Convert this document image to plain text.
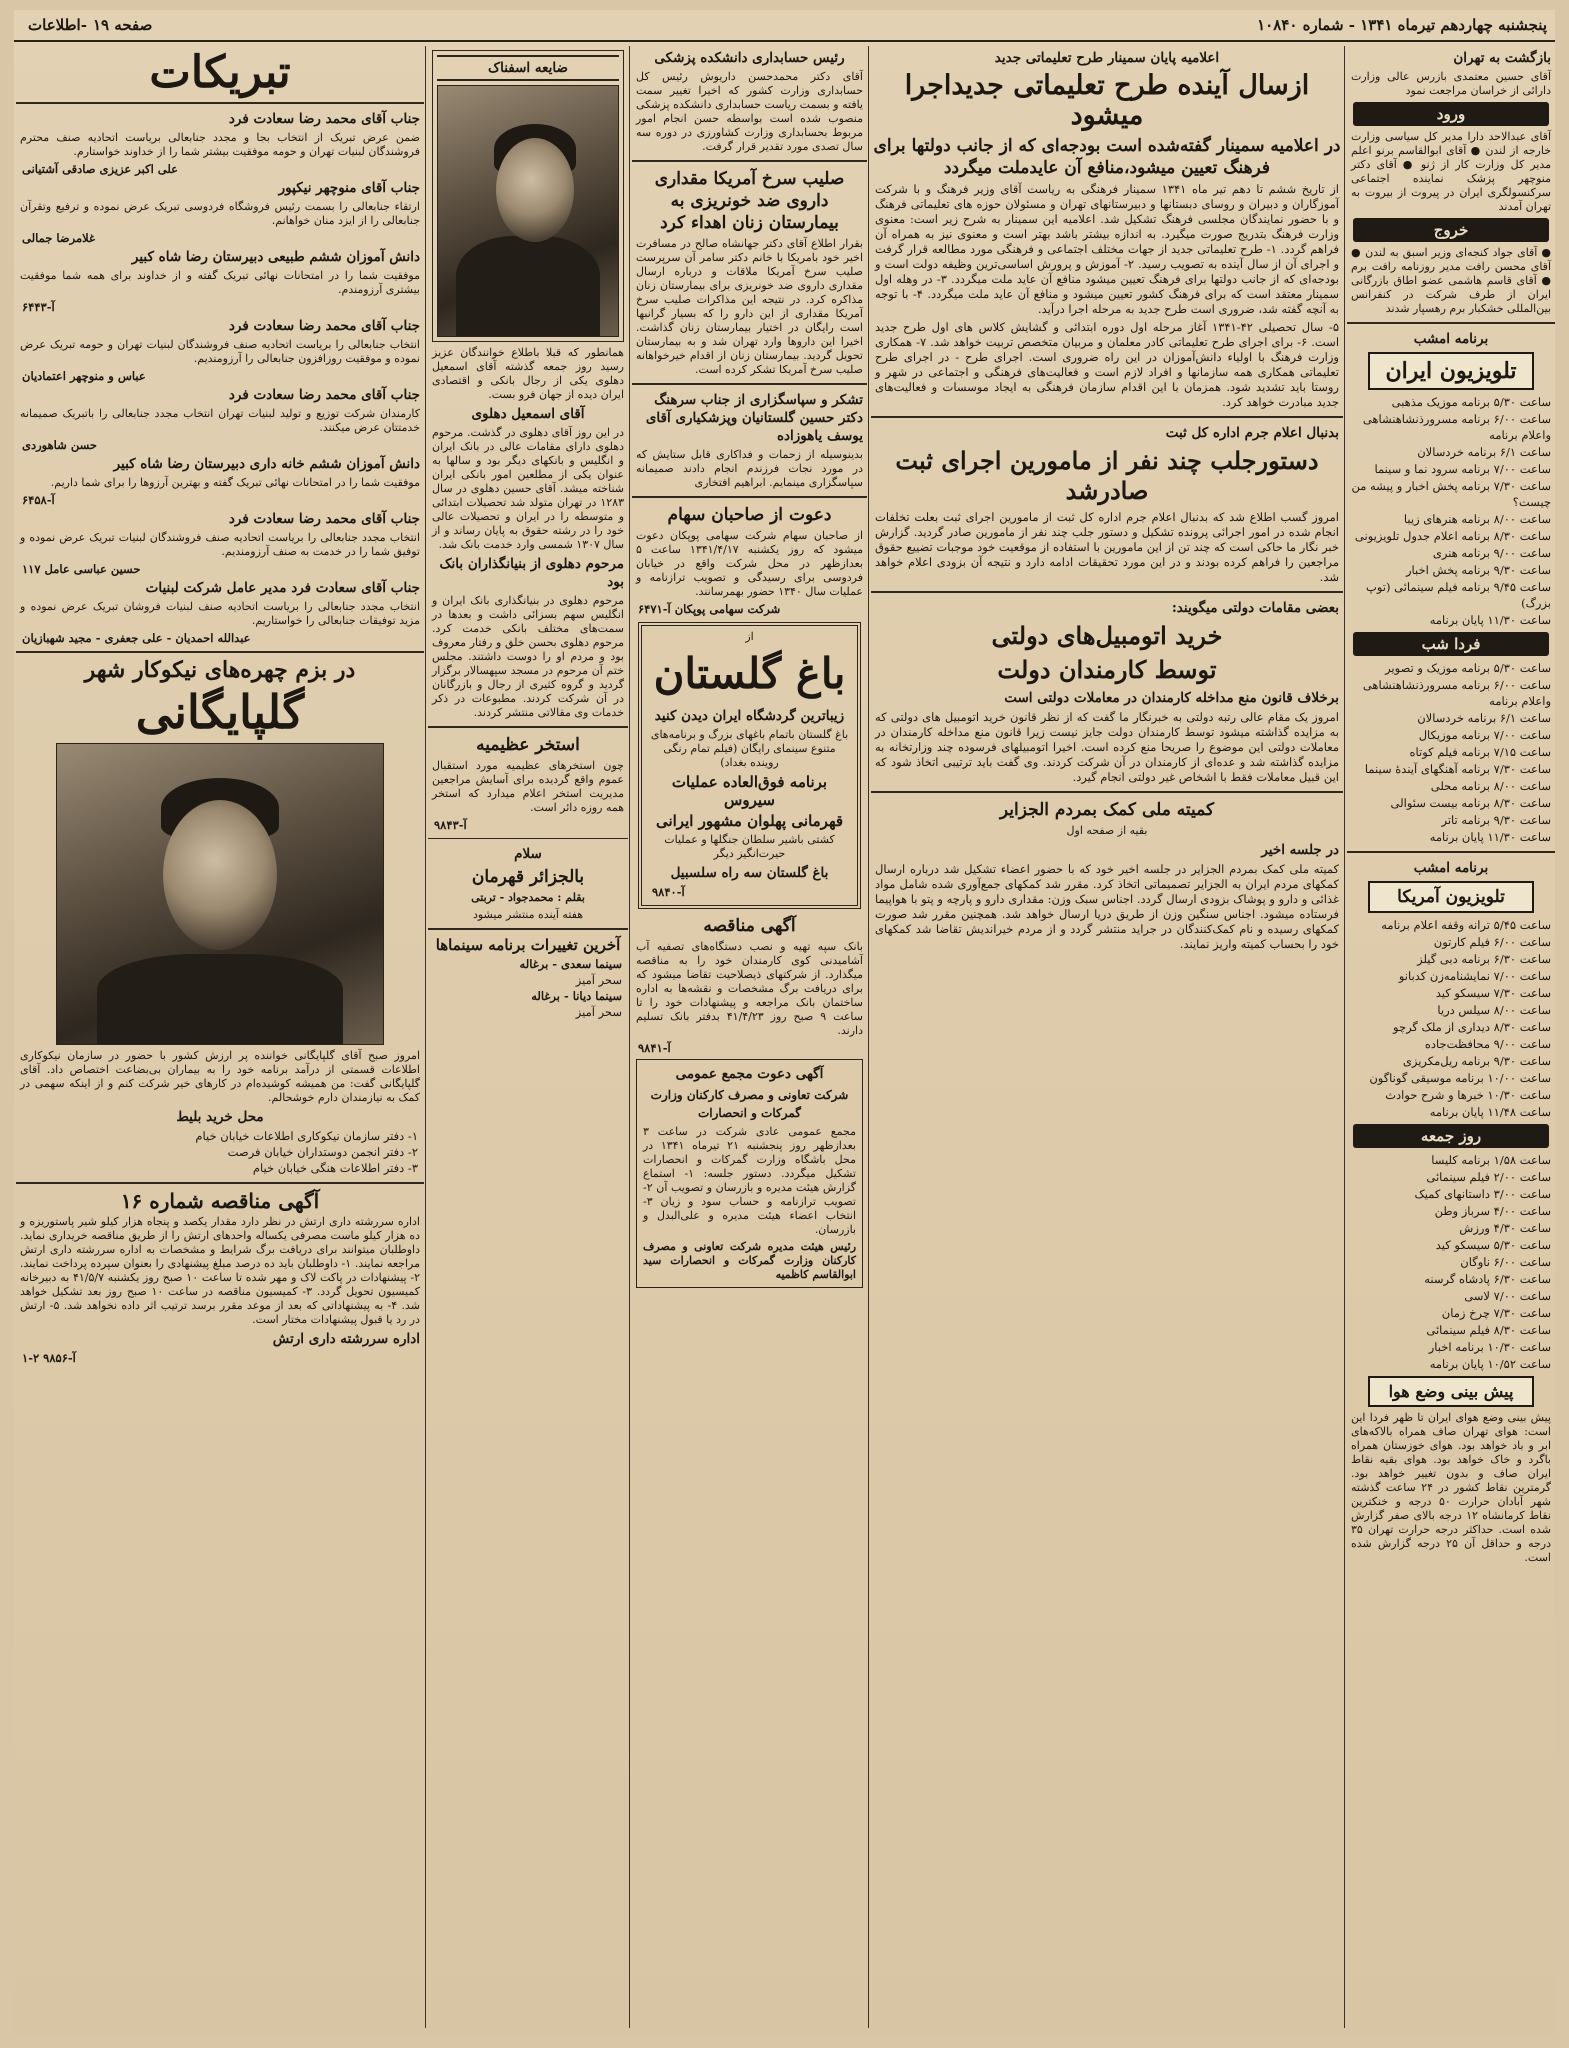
پنجشنبه چهاردهم تیرماه ۱۳۴۱ - شماره ۱۰۸۴۰
صفحه ۱۹-اطلاعات
بازگشت به تهران
آقای حسین معتمدی بازرس عالی وزارت دارائی از خراسان مراجعت نمود
ورود
آقای عبدالاحد دارا مدیر کل سیاسی وزارت خارجه از لندن ● آقای ابوالقاسم برنو اعلم مدیر کل وزارت کار از ژنو ● آقای دکتر منوچهر پزشک نماینده اجتماعی سرکنسولگری ایران در پیروت از بیروت به تهران آمدند
خروج
● آقای جواد کنجه‌ای وزیر اسبق به لندن ● آقای محسن رافت مدیر روزنامه رافت برم ● آقای قاسم هاشمی عضو اطاق بازرگانی ایران از طرف شرکت در کنفرانس بین‌المللی خشکبار برم رهسپار شدند
برنامه امشب
تلویزیون ایران
ساعت ۵/۳۰ برنامه موزیک مذهبی
ساعت ۶/۰۰ برنامه مسرورذنشاهنشاهی واعلام برنامه
ساعت ۶/۱ برنامه خردسالان
ساعت ۷/۰۰ برنامه سرود نما و سینما
ساعت ۷/۳۰ برنامه پخش اخبار و پیشه من چیست؟
ساعت ۸/۰۰ برنامه هنرهای زیبا
ساعت ۸/۳۰ برنامه اعلام جدول تلویزیونی
ساعت ۹/۰۰ برنامه هنری
ساعت ۹/۳۰ برنامه پخش اخبار
ساعت ۹/۴۵ برنامه فیلم سینمائی (توپ بزرگ)
ساعت ۱۱/۳۰ پایان برنامه
فردا شب
ساعت ۵/۳۰ برنامه موزیک و تصویر
ساعت ۶/۰۰ برنامه مسرورذنشاهنشاهی واعلام برنامه
ساعت ۶/۱ برنامه خردسالان
ساعت ۷/۰۰ برنامه موزیکال
ساعت ۷/۱۵ برنامه فیلم کوتاه
ساعت ۷/۳۰ برنامه آهنگهای آیندهٔ سینما
ساعت ۸/۰۰ برنامه محلی
ساعت ۸/۳۰ برنامه بیست سئوالی
ساعت ۹/۳۰ برنامه تاتر
ساعت ۱۱/۳۰ پایان برنامه
برنامه امشب
تلویزیون آمریکا
ساعت ۵/۴۵ ترانه وقفه اعلام برنامه
ساعت ۶/۰۰ فیلم کارتون
ساعت ۶/۳۰ برنامه دبی گیلز
ساعت ۷/۰۰ نمایشنامه‌زن کدبانو
ساعت ۷/۳۰ سیسکو کید
ساعت ۸/۰۰ سیلس دریا
ساعت ۸/۳۰ دیداری از ملک گرچو
ساعت ۹/۰۰ محافظت‌جاده
ساعت ۹/۳۰ برنامه ریل‌مکریزی
ساعت ۱۰/۰۰ برنامه موسیقی گوناگون
ساعت ۱۰/۳۰ خبرها و شرح حوادث
ساعت ۱۱/۴۸ پایان برنامه
روز جمعه
ساعت ۱/۵۸ برنامه کلیسا
ساعت ۲/۰۰ فیلم سینمائی
ساعت ۳/۰۰ داستانهای کمیک
ساعت ۴/۰۰ سرباز وطن
ساعت ۴/۳۰ ورزش
ساعت ۵/۳۰ سیسکو کید
ساعت ۶/۰۰ ناوگان
ساعت ۶/۳۰ پادشاه گرسنه
ساعت ۷/۰۰ لاسی
ساعت ۷/۳۰ چرخ زمان
ساعت ۸/۳۰ فیلم سینمائی
ساعت ۱۰/۳۰ برنامه اخبار
ساعت ۱۰/۵۲ پایان برنامه
پیش بینی وضع هوا
پیش بینی وضع هوای ایران تا ظهر فردا این است: هوای تهران صاف همراه بالاکه‌های ابر و باد خواهد بود. هوای خوزستان همراه باگرد و خاک خواهد بود. هوای بقیه نقاط ایران صاف و بدون تغییر خواهد بود. گرمترین نقاط کشور در ۲۴ ساعت گذشته شهر آبادان حرارت ۵۰ درجه و خنکترین نقاط کرمانشاه ۱۲ درجه بالای صفر گزارش شده است. حداکثر درجه حرارت تهران ۳۵ درجه و حداقل آن ۲۵ درجه گزارش شده است.
اعلامیه پایان سمینار طرح تعلیماتی جدید
ازسال آینده طرح تعلیماتی جدیداجرا میشود
در اعلامیه سمینار گفته‌شده است بودجه‌ای که از جانب دولتها برای فرهنگ تعیین میشود،منافع آن عایدملت میگردد
از تاریخ ششم تا دهم تیر ماه ۱۳۴۱ سمینار فرهنگی به ریاست آقای وزیر فرهنگ و با شرکت آموزگاران و دبیران و روسای دبستانها و دبیرستانهای تهران و مسئولان حوزه های تعلیماتی فرهنگ و با حضور نمایندگان مجلسی فرهنگ تشکیل شد. اعلامیه این سمینار به شرح زیر است: معنوی وزارت فرهنگ بتدریج صورت میگیرد. به اندازه بیشتر باشد بهتر است و معنوی نیز به همراه آن فراهم گردد. ۱- طرح تعلیماتی جدید از جهات مختلف اجتماعی و فرهنگی مورد مطالعه قرار گرفت و اجرای آن از سال آینده به تصویب رسید. ۲- آموزش و پرورش اساسی‌ترین وظیفه دولت است و بودجه‌ای که از جانب دولتها برای فرهنگ تعیین میشود منافع آن عاید ملت میگردد. ۳- در وهله اول سمینار معتقد است که برای فرهنگ کشور تعیین میشود و منافع آن عاید ملت میگردد. ۴- با توجه به آنچه گفته شد، ضروری است طرح جدید به مرحله اجرا درآید.
۵- سال تحصیلی ۴۲-۱۳۴۱ آغاز مرحله اول دوره ابتدائی و گشایش کلاس های اول طرح جدید است. ۶- برای اجرای طرح تعلیماتی کادر معلمان و مربیان متخصص تربیت خواهد شد. ۷- همکاری وزارت فرهنگ با اولیاء دانش‌آموزان در این راه ضروری است. اجرای طرح - در اجرای طرح تعلیماتی همکاری همه سازمانها و افراد لازم است و فعالیت‌های فرهنگی و اجتماعی در شهر و روستا باید تشدید شود. همزمان با این اقدام سازمان فرهنگی به ایجاد موسسات و فعالیت‌های جدید مبادرت خواهد کرد.
بدنبال اعلام جرم اداره کل ثبت
دستورجلب چند نفر از مامورین اجرای ثبت صادرشد
امروز گسب اطلاع شد که بدنبال اعلام جرم اداره کل ثبت از مامورین اجرای ثبت بعلت تخلفات انجام شده در امور اجرائی پرونده تشکیل و دستور جلب چند نفر از مامورین صادر گردید. گزارش خبر نگار ما حاکی است که چند تن از این مامورین با استفاده از موقعیت خود موجبات تضییع حقوق مراجعین را فراهم کرده بودند و در این مورد تحقیقات ادامه دارد و نتیجه آن بزودی اعلام خواهد شد.
بعضی مقامات دولتی میگویند:
خرید اتومبیل‌های دولتی
توسط کارمندان دولت
برخلاف قانون منع مداخله کارمندان در معاملات دولتی است
امروز یک مقام عالی رتبه دولتی به خبرنگار ما گفت که از نظر قانون خرید اتومبیل های دولتی که به مزایده گذاشته میشود توسط کارمندان دولت جایز نیست زیرا قانون منع مداخله کارمندان در معاملات دولتی این موضوع را صریحا منع کرده است. اخیرا اتومبیلهای فرسوده چند وزارتخانه به مزایده گذاشته شد و عده‌ای از کارمندان در آن شرکت کردند. وی گفت باید ترتیبی اتخاذ شود که این قبیل معاملات فقط با اشخاص غیر دولتی انجام گیرد.
کمیته ملی کمک بمردم الجزایر
بقیه از صفحه اول
در جلسه اخیر
کمیته ملی کمک بمردم الجزایر در جلسه اخیر خود که با حضور اعضاء تشکیل شد درباره ارسال کمکهای مردم ایران به الجزایر تصمیماتی اتخاذ کرد. مقرر شد کمکهای جمع‌آوری شده شامل مواد غذائی و دارو و پوشاک بزودی ارسال گردد. اجناس سبک وزن: مقداری دارو و پارچه و پتو با هواپیما فرستاده میشود. اجناس سنگین وزن از طریق دریا ارسال خواهد شد. همچنین مقرر شد صورت کمکهای رسیده و نام کمک‌کنندگان در جراید منتشر گردد و از مردم خیراندیش تقاضا شد کمکهای خود را بحساب کمیته واریز نمایند.
رئیس حسابداری دانشکده پزشکی
آقای دکتر محمدحسن داریوش رئیس کل حسابداری وزارت کشور که اخیرا تغییر سمت یافته و بسمت ریاست حسابداری دانشکده پزشکی منصوب شده است بواسطه حسن انجام امور مربوط بحسابداری وزارت کشاورزی در دوره سه سال تصدی مورد تقدیر قرار گرفت.
صلیب سرخ آمریکا مقداری داروی ضد خونریزی به بیمارستان زنان اهداء کرد
بقرار اطلاع آقای دکتر جهانشاه صالح در مسافرت اخیر خود بامریکا با خانم دکتر سامر آن سرپرست صلیب سرخ آمریکا ملاقات و درباره ارسال مقداری داروی ضد خونریزی برای بیمارستان زنان مذاکره کرد. در نتیجه این مذاکرات صلیب سرخ آمریکا مقداری از این دارو را که بسیار گرانبها است رایگان در اختیار بیمارستان زنان گذاشت. اخیرا این داروها وارد تهران شد و به بیمارستان تحویل گردید. بیمارستان زنان از اقدام خیرخواهانه صلیب سرخ آمریکا تشکر کرده است.
تشکر و سپاسگزاری از جناب سرهنگ دکتر حسین گلستانیان وپزشکیاری آقای یوسف یاهوزاده
بدینوسیله از زحمات و فداکاری قابل ستایش که در مورد نجات فرزندم انجام دادند صمیمانه سپاسگزاری مینمایم. ابراهیم افتخاری
دعوت از صاحبان سهام
از صاحبان سهام شرکت سهامی پوپکان دعوت میشود که روز یکشنبه ۱۳۴۱/۴/۱۷ ساعت ۵ بعدازظهر در محل شرکت واقع در خیابان فردوسی برای رسیدگی و تصویب ترازنامه و عملیات سال ۱۳۴۰ حضور بهمرسانند.
شرکت سهامی پوپکان آ-۶۴۷۱
از
باغ گلستان
زیباترین گردشگاه ایران دیدن کنید
باغ گلستان باتمام باغهای بزرگ و برنامه‌های متنوع سینمای رایگان (فیلم تمام رنگی روینده بغداد)
برنامه فوق‌العاده عملیات سیروس
قهرمانی پهلوان مشهور ایرانی
کشتی باشیر سلطان جنگلها و عملیات حیرت‌انگیز دیگر
باغ گلستان سه راه سلسبیل
آ-۹۸۴۰
آگهی مناقصه
بانک سپه تهیه و نصب دستگاه‌های تصفیه آب آشامیدنی کوی کارمندان خود را به مناقصه میگذارد. از شرکتهای ذیصلاحیت تقاضا میشود که برای دریافت برگ مشخصات و نقشه‌ها به اداره ساختمان بانک مراجعه و پیشنهادات خود را تا ساعت ۹ صبح روز ۴۱/۴/۲۳ بدفتر بانک تسلیم دارند.
آ-۹۸۴۱
آگهی دعوت مجمع عمومی
شرکت تعاونی و مصرف کارکنان وزارت گمرکات و انحصارات
مجمع عمومی عادی شرکت در ساعت ۳ بعدازظهر روز پنجشنبه ۲۱ تیرماه ۱۳۴۱ در محل باشگاه وزارت گمرکات و انحصارات تشکیل میگردد. دستور جلسه: ۱- استماع گزارش هیئت مدیره و بازرسان و تصویب آن ۲- تصویب ترازنامه و حساب سود و زیان ۳- انتخاب اعضاء هیئت مدیره و علی‌البدل و بازرسان.
رئیس هیئت مدیره شرکت تعاونی و مصرف کارکنان وزارت گمرکات و انحصارات سید ابوالقاسم کاظمیه
ضایعه اسفناک
همانطور که قبلا باطلاع خوانندگان عزیز رسید روز جمعه گذشته آقای اسمعیل دهلوی یکی از رجال بانکی و اقتصادی ایران دیده از جهان فرو بست.
آقای اسمعیل دهلوی
در این روز آقای دهلوی در گذشت. مرحوم دهلوی دارای مقامات عالی در بانک ایران و انگلیس و بانکهای دیگر بود و سالها به عنوان یکی از مطلعین امور بانکی ایران شناخته میشد. آقای حسین دهلوی در سال ۱۲۸۳ در تهران متولد شد تحصیلات ابتدائی و متوسطه را در ایران و تحصیلات عالی خود را در رشته حقوق به پایان رساند و از سال ۱۳۰۷ شمسی وارد خدمت بانک شد.
مرحوم دهلوی از بنیانگذاران بانک بود
مرحوم دهلوی در بنیانگذاری بانک ایران و انگلیس سهم بسزائی داشت و بعدها در سمت‌های مختلف بانکی خدمت کرد. مرحوم دهلوی بحسن خلق و رفتار معروف بود و مردم او را دوست داشتند. مجلس ختم آن مرحوم در مسجد سپهسالار برگزار گردید و گروه کثیری از رجال و بازرگانان در آن شرکت کردند. مطبوعات در ذکر خدمات وی مقالاتی منتشر کردند.
استخر عظیمیه
چون استخرهای عظیمیه مورد استقبال عموم واقع گردیده برای آسایش مراجعین مدیریت استخر اعلام میدارد که استخر همه روزه دائر است.
آ-۹۸۴۳
سلام
بالجزائر قهرمان
بقلم : محمدجواد - تربتی
هفته آینده منتشر میشود
آخرین تغییرات برنامه سینماها
سینما سعدی - برغاله
سحر آمیز
سینما دیانا - برغاله
سحر آمیز
تبریکات
جناب آقای محمد رضا سعادت فرد
ضمن عرض تبریک از انتخاب بجا و مجدد جنابعالی بریاست اتحادیه صنف محترم فروشندگان لبنیات تهران و حومه موفقیت بیشتر شما را از خداوند خواستارم.
علی اکبر عزیزی صادقی آشتیانی
جناب آقای منوچهر نیکپور
ارتقاء جنابعالی را بسمت رئیس فروشگاه فردوسی تبریک عرض نموده و ترفیع وتقرآن جنابعالی را از ایزد منان خواهانم.
غلامرضا جمالی
دانش آموزان ششم طبیعی دبیرستان رضا شاه کبیر
موفقیت شما را در امتحانات نهائی تبریک گفته و از خداوند برای همه شما موفقیت بیشتری آرزومندم.
آ-۶۴۴۳
جناب آقای محمد رضا سعادت فرد
انتخاب جنابعالی را بریاست اتحادیه صنف فروشندگان لبنیات تهران و حومه تبریک عرض نموده و موفقیت روزافزون جنابعالی را آرزومندیم.
عباس و منوچهر اعتمادیان
جناب آقای محمد رضا سعادت فرد
کارمندان شرکت توزیع و تولید لبنیات تهران انتخاب مجدد جنابعالی را باتبریک صمیمانه خدمتتان عرض میکنند.
حسن شاهوردی
دانش آموزان ششم خانه داری دبیرستان رضا شاه کبیر
موفقیت شما را در امتحانات نهائی تبریک گفته و بهترین آرزوها را برای شما داریم.
آ-۶۴۵۸
جناب آقای محمد رضا سعادت فرد
انتخاب مجدد جنابعالی را بریاست اتحادیه صنف فروشندگان لبنیات تبریک عرض نموده و توفیق شما را در خدمت به صنف آرزومندیم.
حسین عباسی عامل ۱۱۷
جناب آقای سعادت فرد مدیر عامل شرکت لبنیات
انتخاب مجدد جنابعالی را بریاست اتحادیه صنف لبنیات فروشان تبریک عرض نموده و مزید توفیقات جنابعالی را خواستاریم.
عبدالله احمدیان - علی جعفری - مجید شهبازیان
در بزم چهره‌های نیکوکار شهر
گلپایگانی
امروز صبح آقای گلپایگانی خواننده پر ارزش کشور با حضور در سازمان نیکوکاری اطلاعات قسمتی از درآمد برنامه خود را به بیماران بی‌بضاعت اختصاص داد. آقای گلپایگانی گفت: من همیشه کوشیده‌ام در کارهای خیر شرکت کنم و از اینکه سهمی در کمک به نیازمندان دارم خوشحالم.
محل خرید بلیط
۱- دفتر سازمان نیکوکاری اطلاعات خیابان خیام
۲- دفتر انجمن دوستداران خیابان فرصت
۳- دفتر اطلاعات هنگی خیابان خیام
آگهی مناقصه شماره ۱۶
اداره سررشته داری ارتش در نظر دارد مقدار یکصد و پنجاه هزار کیلو شیر پاستوریزه و ده هزار کیلو ماست مصرفی یکساله واحدهای ارتش را از طریق مناقصه خریداری نماید. داوطلبان میتوانند برای دریافت برگ شرایط و مشخصات به اداره سررشته داری ارتش مراجعه نمایند. ۱- داوطلبان باید ده درصد مبلغ پیشنهادی را بعنوان سپرده پرداخت نمایند. ۲- پیشنهادات در پاکت لاک و مهر شده تا ساعت ۱۰ صبح روز یکشنبه ۴۱/۵/۷ به دبیرخانه کمیسیون تحویل گردد. ۳- کمیسیون مناقصه در ساعت ۱۰ صبح روز بعد تشکیل خواهد شد. ۴- به پیشنهاداتی که بعد از موعد مقرر برسد ترتیب اثر داده نخواهد شد. ۵- ارتش در رد یا قبول پیشنهادات مختار است.
اداره سررشته داری ارتش
آ-۹۸۵۶ ۲-۱
